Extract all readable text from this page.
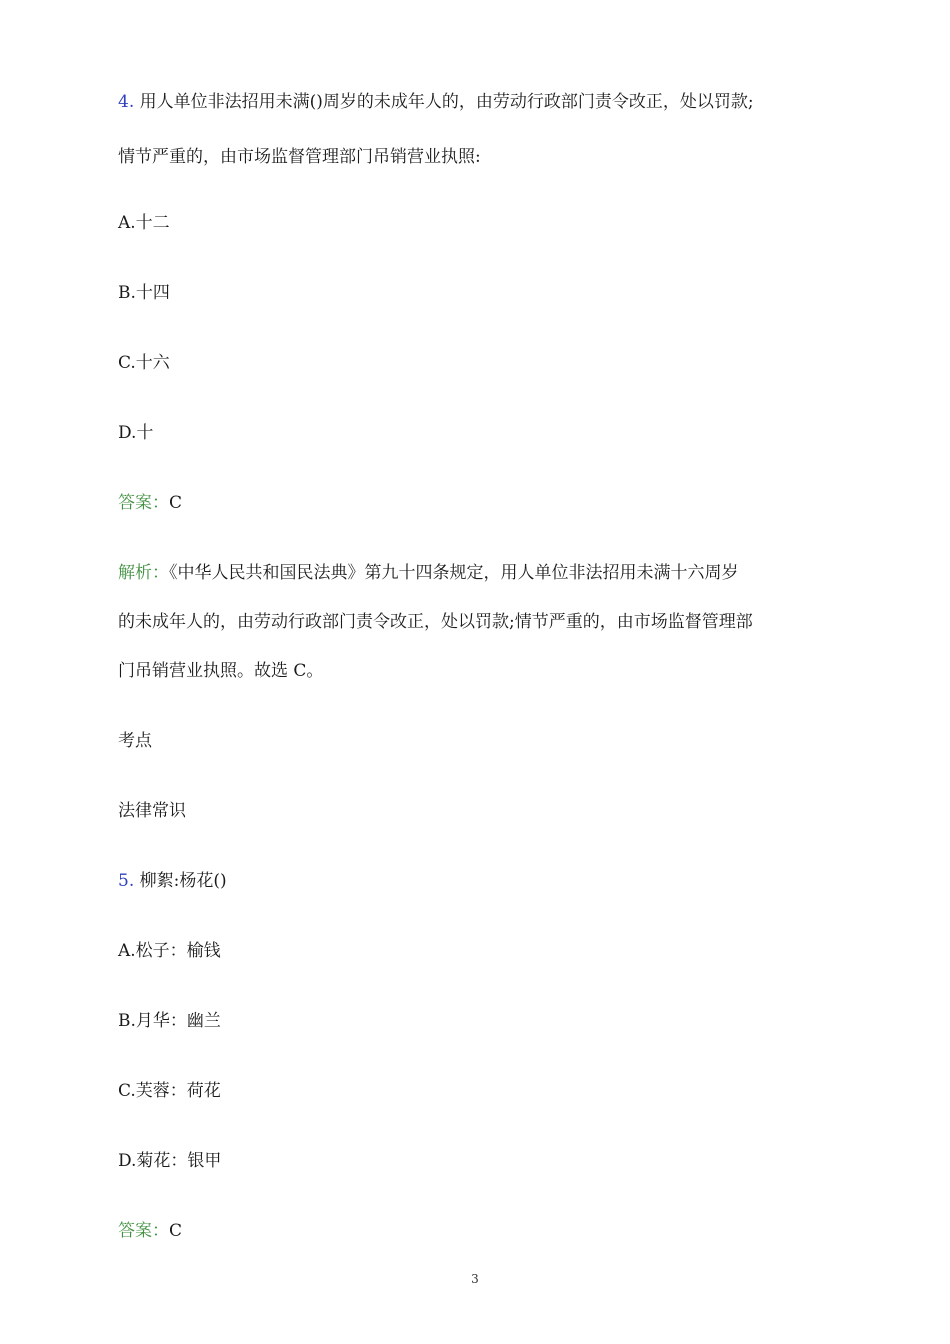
4. 用人单位非法招用未满()周岁的未成年人的，由劳动行政部门责令改正，处以罚款;
情节严重的，由市场监督管理部门吊销营业执照:
A.十二
B.十四
C.十六
D.十
答案：C
解析：《中华人民共和国民法典》第九十四条规定，用人单位非法招用未满十六周岁
的未成年人的，由劳动行政部门责令改正，处以罚款;情节严重的，由市场监督管理部
门吊销营业执照。故选 C。
考点
法律常识
5. 柳絮:杨花()
A.松子：榆钱
B.月华：幽兰
C.芙蓉：荷花
D.菊花：银甲
答案：C
3
